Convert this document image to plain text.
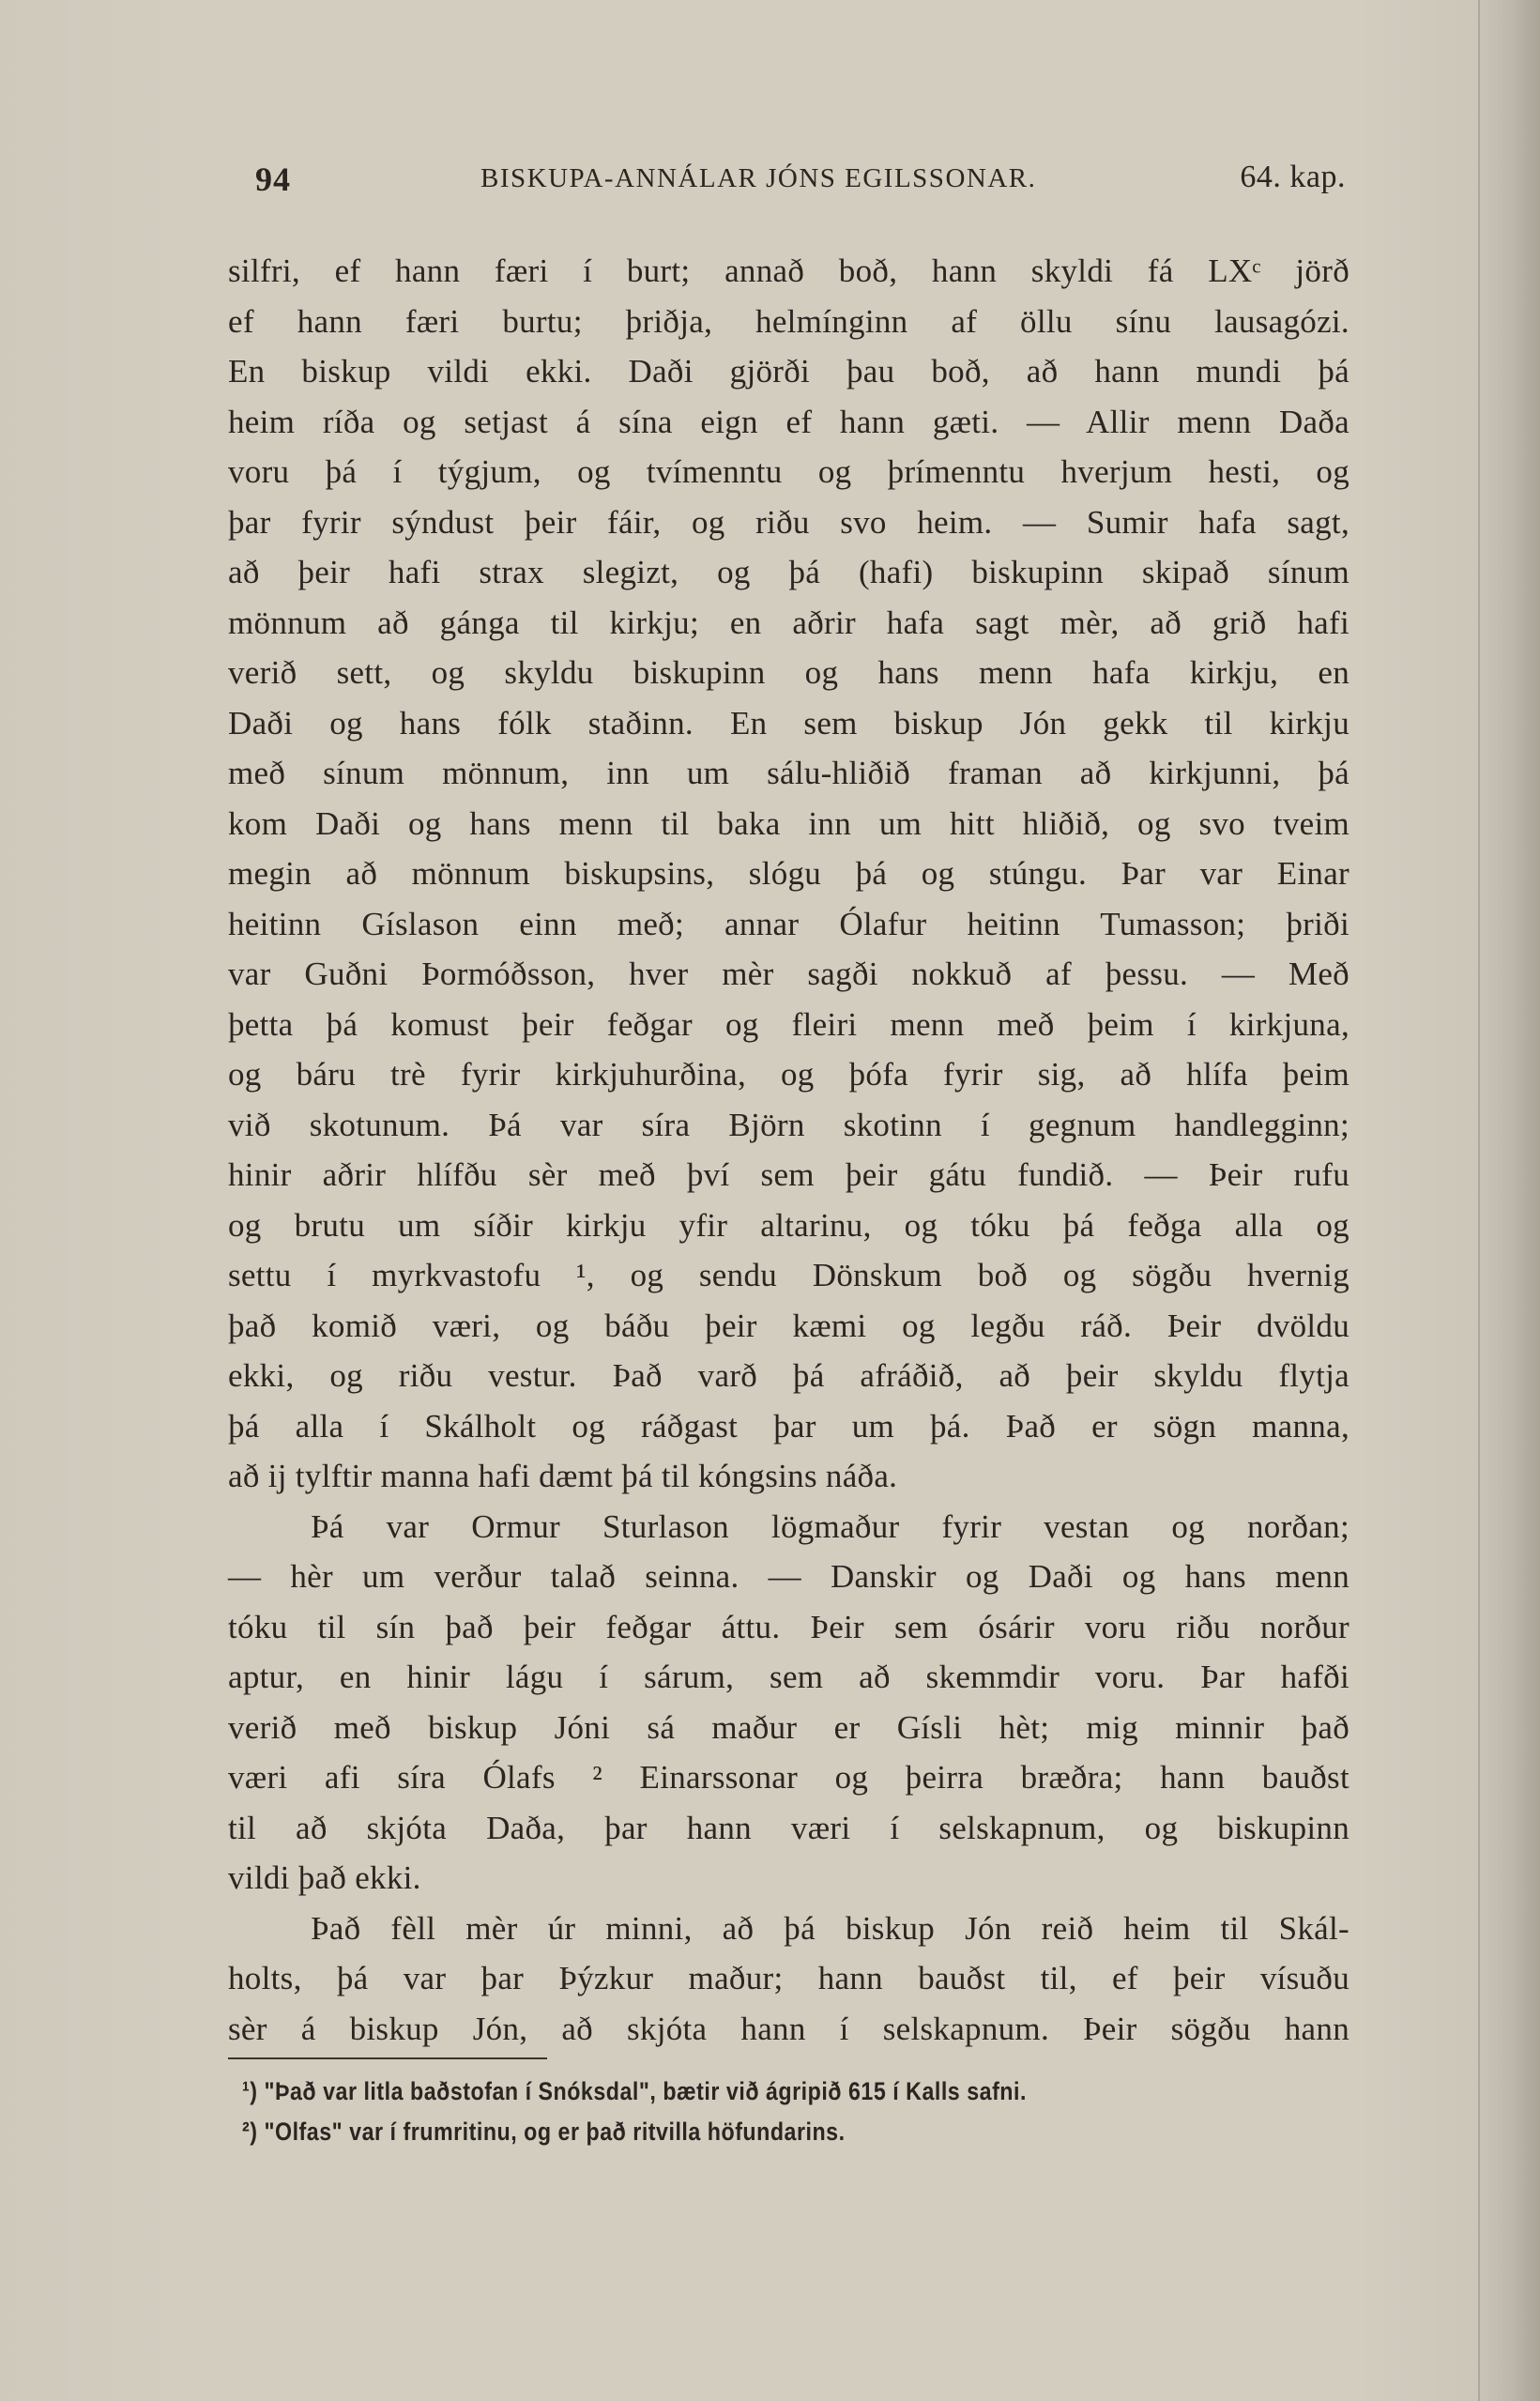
94	BISKUPA-ANNÁLAR JÓNS EGILSSONAR.	64. kap.
silfri, ef hann færi í burt; annað boð, hann skyldi fá LXᶜ jörð
ef hann færi burtu; þriðja, helmínginn af öllu sínu lausagózi.
En biskup vildi ekki. Daði gjörði þau boð, að hann mundi þá
heim ríða og setjast á sína eign ef hann gæti. — Allir menn Daða
voru þá í týgjum, og tvímenntu og þrímenntu hverjum hesti, og
þar fyrir sýndust þeir fáir, og riðu svo heim. — Sumir hafa sagt,
að þeir hafi strax slegizt, og þá (hafi) biskupinn skipað sínum
mönnum að gánga til kirkju; en aðrir hafa sagt mèr, að grið hafi
verið sett, og skyldu biskupinn og hans menn hafa kirkju, en
Daði og hans fólk staðinn. En sem biskup Jón gekk til kirkju
með sínum mönnum, inn um sálu-hliðið framan að kirkjunni, þá
kom Daði og hans menn til baka inn um hitt hliðið, og svo tveim
megin að mönnum biskupsins, slógu þá og stúngu. Þar var Einar
heitinn Gíslason einn með; annar Ólafur heitinn Tumasson; þriði
var Guðni Þormóðsson, hver mèr sagði nokkuð af þessu. — Með
þetta þá komust þeir feðgar og fleiri menn með þeim í kirkjuna,
og báru trè fyrir kirkjuhurðina, og þófa fyrir sig, að hlífa þeim
við skotunum. Þá var síra Björn skotinn í gegnum handlegginn;
hinir aðrir hlífðu sèr með því sem þeir gátu fundið. — Þeir rufu
og brutu um síðir kirkju yfir altarinu, og tóku þá feðga alla og
settu í myrkvastofu ¹, og sendu Dönskum boð og sögðu hvernig
það komið væri, og báðu þeir kæmi og legðu ráð. Þeir dvöldu
ekki, og riðu vestur. Það varð þá afráðið, að þeir skyldu flytja
þá alla í Skálholt og ráðgast þar um þá. Það er sögn manna,
að ij tylftir manna hafi dæmt þá til kóngsins náða.
Þá var Ormur Sturlason lögmaður fyrir vestan og norðan;
— hèr um verður talað seinna. — Danskir og Daði og hans menn
tóku til sín það þeir feðgar áttu. Þeir sem ósárir voru riðu norður
aptur, en hinir lágu í sárum, sem að skemmdir voru. Þar hafði
verið með biskup Jóni sá maður er Gísli hèt; mig minnir það
væri afi síra Ólafs ² Einarssonar og þeirra bræðra; hann bauðst
til að skjóta Daða, þar hann væri í selskapnum, og biskupinn
vildi það ekki.
Það fèll mèr úr minni, að þá biskup Jón reið heim til Skál-
holts, þá var þar Þýzkur maður; hann bauðst til, ef þeir vísuðu
sèr á biskup Jón, að skjóta hann í selskapnum. Þeir sögðu hann
¹) "Það var litla baðstofan í Snóksdal", bætir við ágripið 615 í Kalls safni.
²) "Olfas" var í frumritinu, og er það ritvilla höfundarins.
